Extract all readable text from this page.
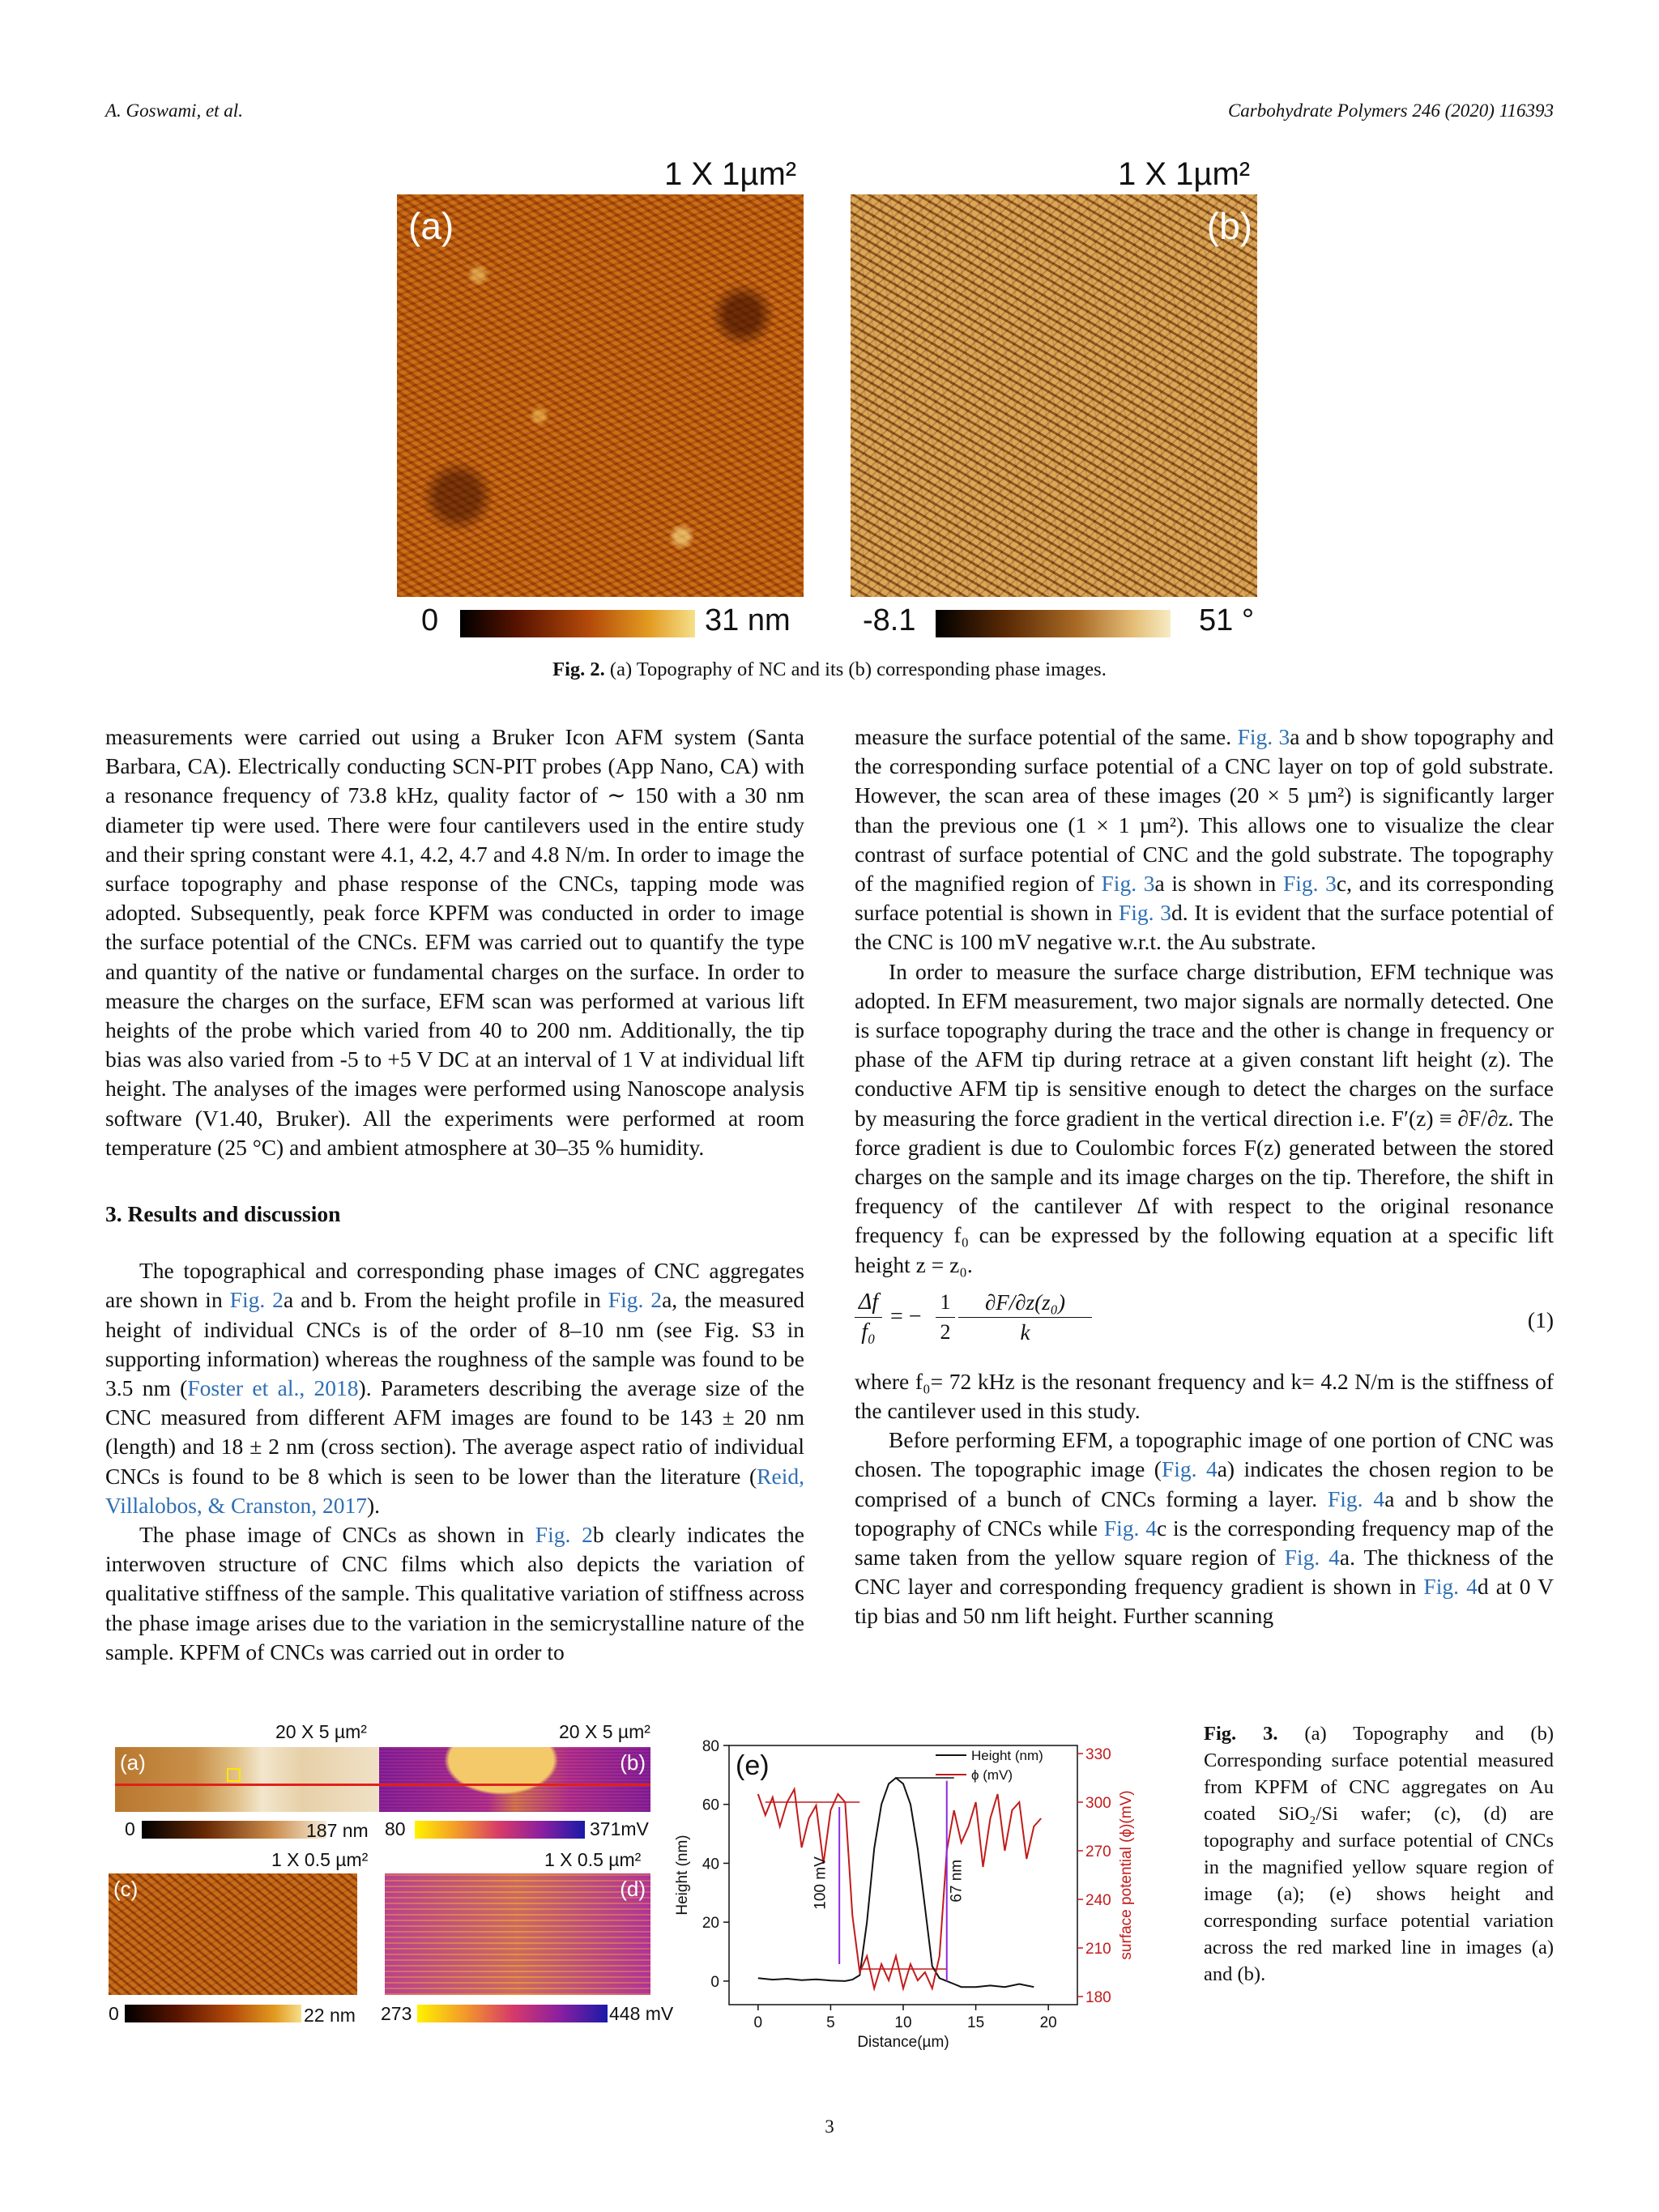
A. Goswami, et al.	Carbohydrate Polymers 246 (2020) 116393
1 X 1µm²
(a)
0	31 nm
1 X 1µm²
(b)
-8.1	51 °
Fig. 2. (a) Topography of NC and its (b) corresponding phase images.

measurements were carried out using a Bruker Icon AFM system (Santa Barbara, CA). Electrically conducting SCN-PIT probes (App Nano, CA) with a resonance frequency of 73.8 kHz, quality factor of ∼ 150 with a 30 nm diameter tip were used. There were four cantilevers used in the entire study and their spring constant were 4.1, 4.2, 4.7 and 4.8 N/m. In order to image the surface topography and phase response of the CNCs, tapping mode was adopted. Subsequently, peak force KPFM was conducted in order to image the surface potential of the CNCs. EFM was carried out to quantify the type and quantity of the native or fundamental charges on the surface. In order to measure the charges on the surface, EFM scan was performed at various lift heights of the probe which varied from 40 to 200 nm. Additionally, the tip bias was also varied from -5 to +5 V DC at an interval of 1 V at individual lift height. The analyses of the images were performed using Nanoscope analysis software (V1.40, Bruker). All the experiments were performed at room temperature (25 °C) and ambient atmosphere at 30–35 % humidity.

3. Results and discussion

The topographical and corresponding phase images of CNC aggregates are shown in Fig. 2a and b. From the height profile in Fig. 2a, the measured height of individual CNCs is of the order of 8–10 nm (see Fig. S3 in supporting information) whereas the roughness of the sample was found to be 3.5 nm (Foster et al., 2018). Parameters describing the average size of the CNC measured from different AFM images are found to be 143 ± 20 nm (length) and 18 ± 2 nm (cross section). The average aspect ratio of individual CNCs is found to be 8 which is seen to be lower than the literature (Reid, Villalobos, & Cranston, 2017).

The phase image of CNCs as shown in Fig. 2b clearly indicates the interwoven structure of CNC films which also depicts the variation of qualitative stiffness of the sample. This qualitative variation of stiffness across the phase image arises due to the variation in the semicrystalline nature of the sample. KPFM of CNCs was carried out in order to

measure the surface potential of the same. Fig. 3a and b show topography and the corresponding surface potential of a CNC layer on top of gold substrate. However, the scan area of these images (20 × 5 µm²) is significantly larger than the previous one (1 × 1 µm²). This allows one to visualize the clear contrast of surface potential of CNC and the gold substrate. The topography of the magnified region of Fig. 3a is shown in Fig. 3c, and its corresponding surface potential is shown in Fig. 3d. It is evident that the surface potential of the CNC is 100 mV negative w.r.t. the Au substrate.

In order to measure the surface charge distribution, EFM technique was adopted. In EFM measurement, two major signals are normally detected. One is surface topography during the trace and the other is change in frequency or phase of the AFM tip during retrace at a given constant lift height (z). The conductive AFM tip is sensitive enough to detect the charges on the surface by measuring the force gradient in the vertical direction i.e. F′(z) ≡ ∂F/∂z. The force gradient is due to Coulombic forces F(z) generated between the stored charges on the sample and its image charges on the tip. Therefore, the shift in frequency of the cantilever Δf with respect to the original resonance frequency f₀ can be expressed by the following equation at a specific lift height z = z₀.

$\frac{\Delta f}{\text{f₀}}$ = − $\frac{1}{2} \frac{\text{∂F/∂z(z₀)}}{k}$	(1)

where f₀= 72 kHz is the resonant frequency and k= 4.2 N/m is the stiffness of the cantilever used in this study.

Before performing EFM, a topographic image of one portion of CNC was chosen. The topographic image (Fig. 4a) indicates the chosen region to be comprised of a bunch of CNCs forming a layer. Fig. 4a and b show the topography of CNCs while Fig. 4c is the corresponding frequency map of the same taken from the yellow square region of Fig. 4a. The thickness of the CNC layer and corresponding frequency gradient is shown in Fig. 4d at 0 V tip bias and 50 nm lift height. Further scanning

20 X 5 µm²
(a)
0	187 nm
20 X 5 µm²
(b)
80	371mV
1 X 0.5 µm²
(c)
0	22 nm
1 X 0.5 µm²
(d)
273	448 mV
0
20
40
60
80
180
210
240
270
300
330
0	5	10	15	20
Distance(µm)
Height (nm)	surface potential (ϕ)(mV)
(e)
100 mV	67 nm
Height (nm)
ϕ (mV)
Fig. 3. (a) Topography and (b) Corresponding surface potential measured from KPFM of CNC aggregates on Au coated SiO₂/Si wafer; (c), (d) are topography and surface potential of CNCs in the magnified yellow square region of image (a); (e) shows height and corresponding surface potential variation across the red marked line in images (a) and (b).
3
